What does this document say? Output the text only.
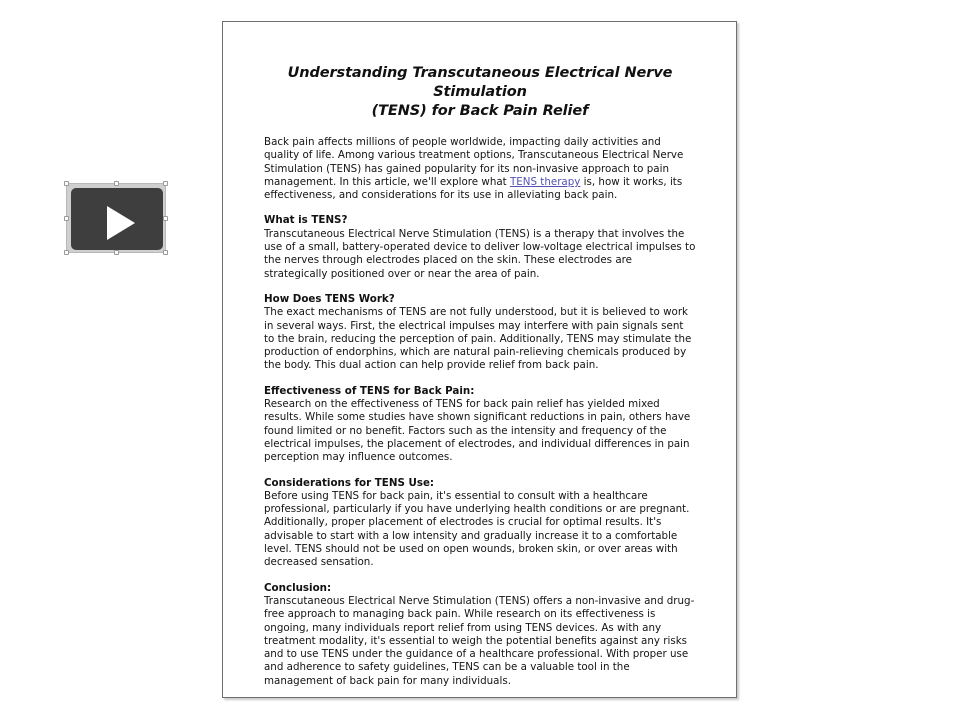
Understanding Transcutaneous Electrical Nerve Stimulation
(TENS) for Back Pain Relief

Back pain affects millions of people worldwide, impacting daily activities and quality of life. Among various treatment options, Transcutaneous Electrical Nerve Stimulation (TENS) has gained popularity for its non-invasive approach to pain management. In this article, we'll explore what TENS therapy is, how it works, its effectiveness, and considerations for its use in alleviating back pain.

What is TENS?

Transcutaneous Electrical Nerve Stimulation (TENS) is a therapy that involves the use of a small, battery-operated device to deliver low-voltage electrical impulses to the nerves through electrodes placed on the skin. These electrodes are strategically positioned over or near the area of pain.

How Does TENS Work?

The exact mechanisms of TENS are not fully understood, but it is believed to work in several ways. First, the electrical impulses may interfere with pain signals sent to the brain, reducing the perception of pain. Additionally, TENS may stimulate the production of endorphins, which are natural pain-relieving chemicals produced by the body. This dual action can help provide relief from back pain.

Effectiveness of TENS for Back Pain:

Research on the effectiveness of TENS for back pain relief has yielded mixed results. While some studies have shown significant reductions in pain, others have found limited or no benefit. Factors such as the intensity and frequency of the electrical impulses, the placement of electrodes, and individual differences in pain perception may influence outcomes.

Considerations for TENS Use:

Before using TENS for back pain, it's essential to consult with a healthcare professional, particularly if you have underlying health conditions or are pregnant. Additionally, proper placement of electrodes is crucial for optimal results. It's advisable to start with a low intensity and gradually increase it to a comfortable level. TENS should not be used on open wounds, broken skin, or over areas with decreased sensation.

Conclusion:

Transcutaneous Electrical Nerve Stimulation (TENS) offers a non-invasive and drug-free approach to managing back pain. While research on its effectiveness is ongoing, many individuals report relief from using TENS devices. As with any treatment modality, it's essential to weigh the potential benefits against any risks and to use TENS under the guidance of a healthcare professional. With proper use and adherence to safety guidelines, TENS can be a valuable tool in the management of back pain for many individuals.
